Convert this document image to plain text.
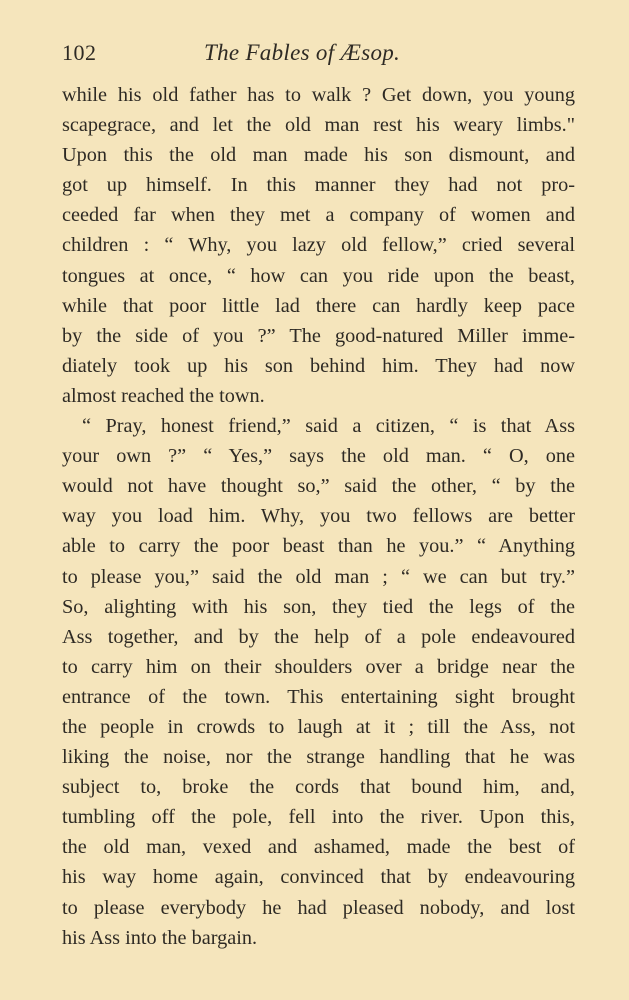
102	The Fables of Æsop.
while his old father has to walk ? Get down, you young
scapegrace, and let the old man rest his weary limbs."
Upon this the old man made his son dismount, and
got up himself. In this manner they had not pro-
ceeded far when they met a company of women and
children : “ Why, you lazy old fellow,” cried several
tongues at once, “ how can you ride upon the beast,
while that poor little lad there can hardly keep pace
by the side of you ?” The good-natured Miller imme-
diately took up his son behind him. They had now
almost reached the town.
“ Pray, honest friend,” said a citizen, “ is that Ass
your own ?” “ Yes,” says the old man. “ O, one
would not have thought so,” said the other, “ by the
way you load him. Why, you two fellows are better
able to carry the poor beast than he you.” “ Anything
to please you,” said the old man ; “ we can but try.”
So, alighting with his son, they tied the legs of the
Ass together, and by the help of a pole endeavoured
to carry him on their shoulders over a bridge near the
entrance of the town. This entertaining sight brought
the people in crowds to laugh at it ; till the Ass, not
liking the noise, nor the strange handling that he was
subject to, broke the cords that bound him, and,
tumbling off the pole, fell into the river. Upon this,
the old man, vexed and ashamed, made the best of
his way home again, convinced that by endeavouring
to please everybody he had pleased nobody, and lost
his Ass into the bargain.
